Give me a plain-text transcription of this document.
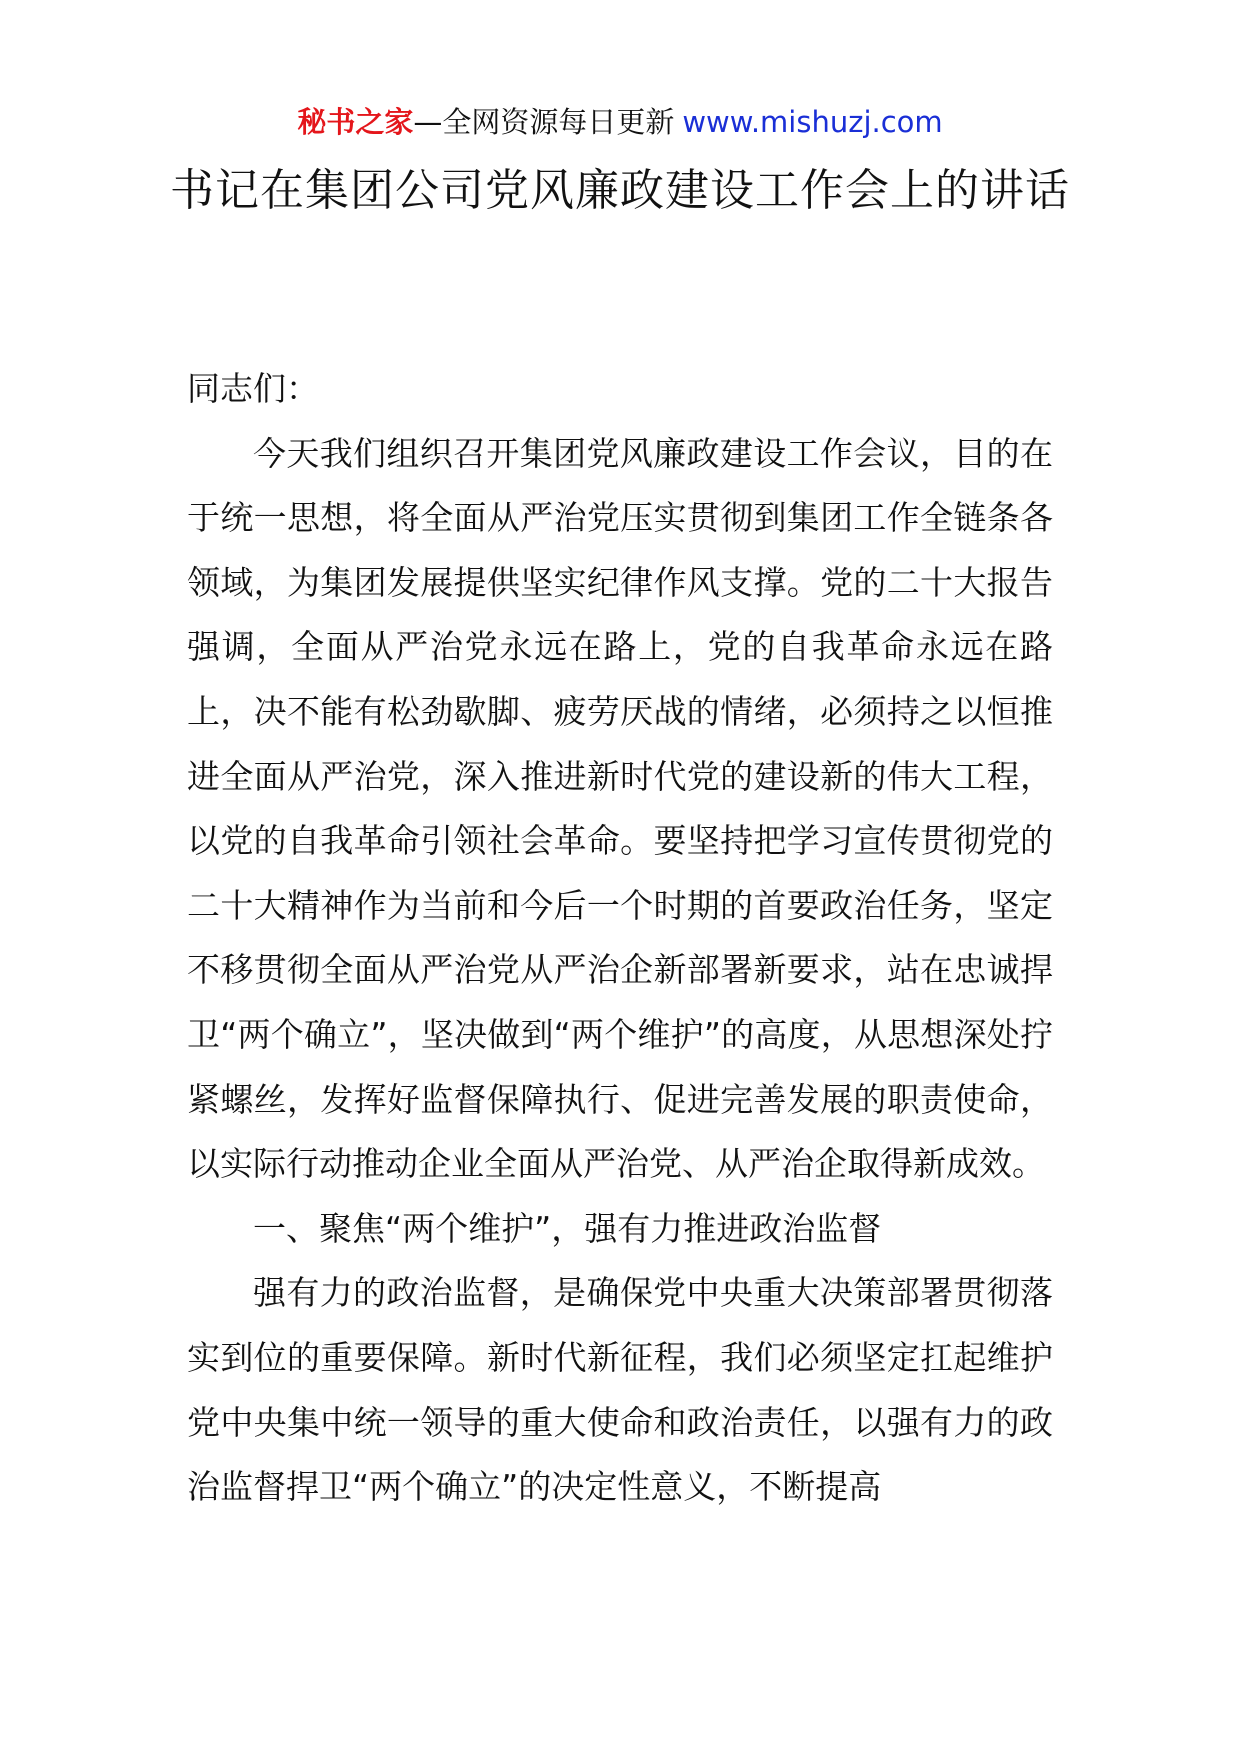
秘书之家—全网资源每日更新 www.mishuzj.com
书记在集团公司党风廉政建设工作会上的讲话

同志们：

今天我们组织召开集团党风廉政建设工作会议，目的在于统一思想，将全面从严治党压实贯彻到集团工作全链条各领域，为集团发展提供坚实纪律作风支撑。党的二十大报告强调，全面从严治党永远在路上，党的自我革命永远在路上，决不能有松劲歇脚、疲劳厌战的情绪，必须持之以恒推进全面从严治党，深入推进新时代党的建设新的伟大工程，以党的自我革命引领社会革命。要坚持把学习宣传贯彻党的二十大精神作为当前和今后一个时期的首要政治任务，坚定不移贯彻全面从严治党从严治企新部署新要求，站在忠诚捍卫“两个确立”，坚决做到“两个维护”的高度，从思想深处拧紧螺丝，发挥好监督保障执行、促进完善发展的职责使命，以实际行动推动企业全面从严治党、从严治企取得新成效。

一、聚焦“两个维护”，强有力推进政治监督

强有力的政治监督，是确保党中央重大决策部署贯彻落实到位的重要保障。新时代新征程，我们必须坚定扛起维护党中央集中统一领导的重大使命和政治责任，以强有力的政治监督捍卫“两个确立”的决定性意义，不断提高
